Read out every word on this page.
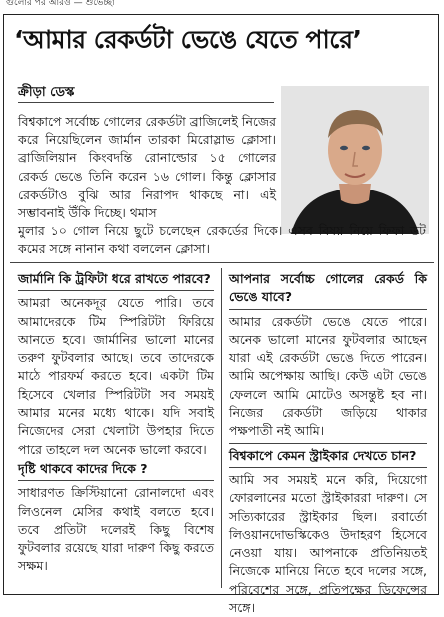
গুলোর পর আরও — শুভেচ্ছা
‘আমার রেকর্ডটা ভেঙে যেতে পারে’
ক্রীড়া ডেস্ক

বিশ্বকাপে সর্বোচ্চ গোলের রেকর্ডটা ব্রাজিলেই নিজের করে নিয়েছিলেন জার্মান তারকা মিরোস্লাভ ক্লোসা। ব্রাজিলিয়ান কিংবদন্তি রোনাল্ডোর ১৫ গোলের রেকর্ড ভেঙে তিনি করেন ১৬ গোল। কিন্তু ক্লোসার রেকর্ডটাও বুঝি আর নিরাপদ থাকছে না। এই সম্ভাবনাই উঁকি দিচ্ছে। থমাস

মুলার ১০ গোল নিয়ে ছুটে চলেছেন রেকর্ডের দিকে। এসব বিষয় নিয়ে ফিফা ডট কমের সঙ্গে নানান কথা বললেন ক্লোসা।

জার্মানি কি ট্রফিটা ধরে রাখতে পারবে?

আমরা অনেকদূর যেতে পারি। তবে আমাদেরকে টিম স্পিরিটটা ফিরিয়ে আনতে হবে। জার্মানির ভালো মানের তরুণ ফুটবলার আছে। তবে তাদেরকে মাঠে পারফর্ম করতে হবে। একটা টিম হিসেবে খেলার স্পিরিটটা সব সময়ই আমার মনের মধ্যে থাকে। যদি সবাই নিজেদের সেরা খেলাটা উপহার দিতে পারে তাহলে দল অনেক ভালো করবে।

দৃষ্টি থাকবে কাদের দিকে ?

সাধারণত ক্রিস্টিয়ানো রোনালদো এবং লিওনেল মেসির কথাই বলতে হবে। তবে প্রতিটা দলেরই কিছু বিশেষ ফুটবলার রয়েছে যারা দারুণ কিছু করতে সক্ষম।

আপনার সর্বোচ্চ গোলের রেকর্ড কি ভেঙে যাবে?

আমার রেকর্ডটা ভেঙে যেতে পারে। অনেক ভালো মানের ফুটবলার আছেন যারা এই রেকর্ডটা ভেঙে দিতে পারেন। আমি অপেক্ষায় আছি। কেউ এটা ভেঙে ফেললে আমি মোটেও অসন্তুষ্ট হব না। নিজের রেকর্ডটা জড়িয়ে থাকার পক্ষপাতী নই আমি।

বিশ্বকাপে কেমন স্ট্রাইকার দেখতে চান?

আমি সব সময়ই মনে করি, দিয়েগো ফোরলানের মতো স্ট্রাইকাররা দারুণ। সে সত্যিকারের স্ট্রাইকার ছিল। রবার্তো লিওয়ানদোভস্কিকেও উদাহরণ হিসেবে নেওয়া যায়। আপনাকে প্রতিনিয়তই নিজেকে মানিয়ে নিতে হবে দলের সঙ্গে, পরিবেশের সঙ্গে, প্রতিপক্ষের ডিফেন্সের সঙ্গে।
